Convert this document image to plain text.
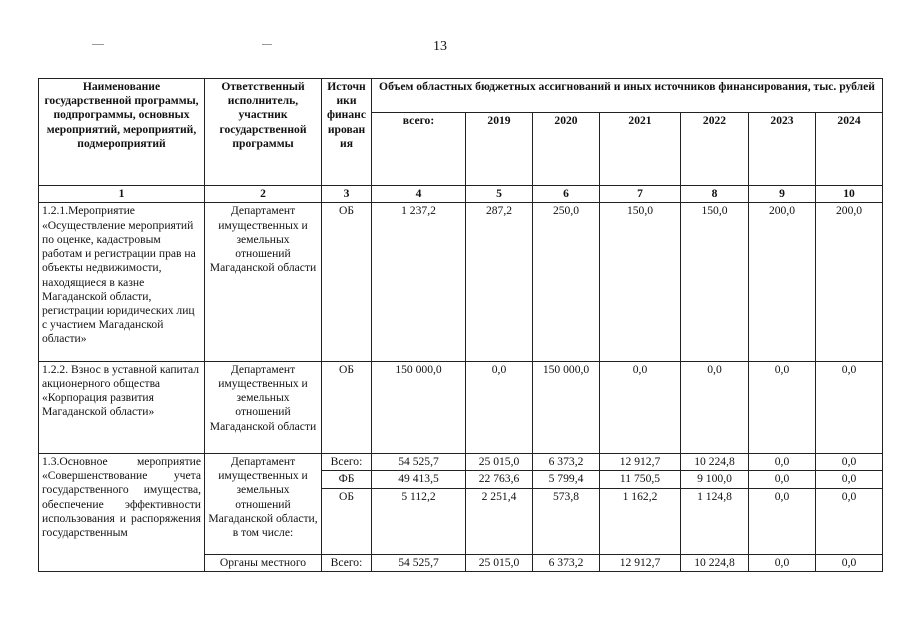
13
Наименование государственной программы, подпрограммы, основных мероприятий, мероприятий, подмероприятий	Ответственный исполнитель, участник государственной программы	Источн ики финанс ирован ия	Объем областных бюджетных ассигнований и иных источников финансирования, тыс. рублей						
			всего:	2019	2020	2021	2022	2023	2024
1	2	3	4	5	6	7	8	9	10
1.2.1.Мероприятие «Осуществление мероприятий по оценке, кадастровым работам и регистрации прав на объекты недвижимости, находящиеся в казне Магаданской области, регистрации юридических лиц с участием Магаданской области»	Департамент имущественных и земельных отношений Магаданской области	ОБ	1 237,2	287,2	250,0	150,0	150,0	200,0	200,0
1.2.2. Взнос в уставной капитал акционерного общества «Корпорация развития Магаданской области»	Департамент имущественных и земельных отношений Магаданской области	ОБ	150 000,0	0,0	150 000,0	0,0	0,0	0,0	0,0
1.3.Основное мероприятие «Совершенствование учета государственного имущества, обеспечение эффективности использования и распоряжения государственным	Департамент имущественных и земельных отношений Магаданской области, в том числе:	Всего:	54 525,7	25 015,0	6 373,2	12 912,7	10 224,8	0,0	0,0
		ФБ	49 413,5	22 763,6	5 799,4	11 750,5	9 100,0	0,0	0,0
		ОБ	5 112,2	2 251,4	573,8	1 162,2	1 124,8	0,0	0,0
	Органы местного	Всего:	54 525,7	25 015,0	6 373,2	12 912,7	10 224,8	0,0	0,0
